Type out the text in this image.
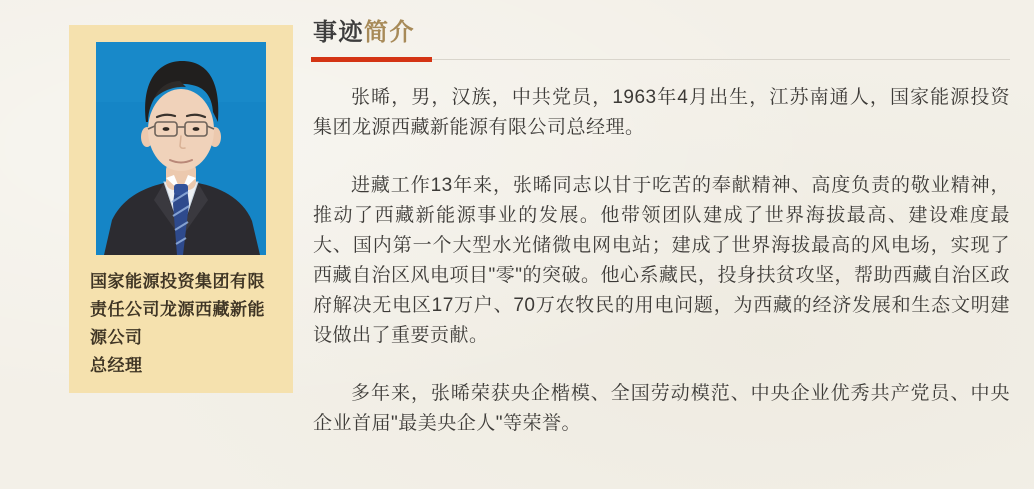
国家能源投资集团有限责任公司龙源西藏新能源公司
总经理
事迹简介

张晞，男，汉族，中共党员，1963年4月出生，江苏南通人，国家能源投资集团龙源西藏新能源有限公司总经理。

进藏工作13年来，张晞同志以甘于吃苦的奉献精神、高度负责的敬业精神，推动了西藏新能源事业的发展。他带领团队建成了世界海拔最高、建设难度最大、国内第一个大型水光储微电网电站；建成了世界海拔最高的风电场，实现了西藏自治区风电项目"零"的突破。他心系藏民，投身扶贫攻坚，帮助西藏自治区政府解决无电区17万户、70万农牧民的用电问题，为西藏的经济发展和生态文明建设做出了重要贡献。

多年来，张晞荣获央企楷模、全国劳动模范、中央企业优秀共产党员、中央企业首届"最美央企人"等荣誉。
